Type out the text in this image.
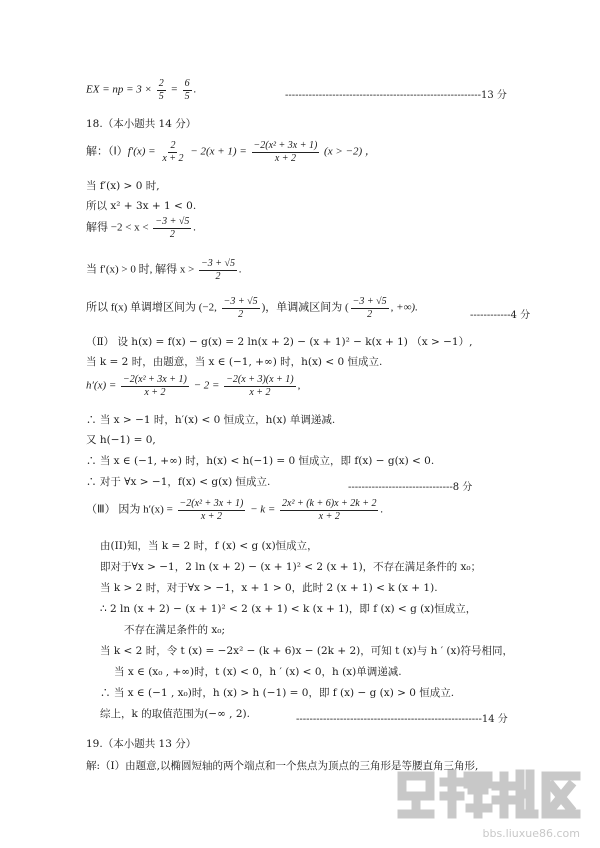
EX = np = $3 \times \frac{2}{5} = \frac{6}{5}$ .	----------------------------------------------------------13 分
18.（本小题共 14 分）
解：（Ⅰ）f′(x) = $\frac{2}{x + 2} - 2(x + 1) = \frac{\text{−2(x² + 3x + 1)}}{x + 2} (x > -2)$ ，
当 f′(x) > 0 时,
所以 x² + 3x + 1 < 0.
解得 $-2 < x < \frac{-3 + √5}{2}$ .
当 f′(x) > 0 时, 解得 $x > \frac{-3 + √5}{2}$ .
所以 f(x) 单调增区间为 (−2, $\frac{-3 + √5}{2}$ )，单调减区间为 ( $\frac{-3 + √5}{2}$ , +∞).
------------4 分
（Ⅱ） 设 h(x) = f(x) − g(x) = 2 ln(x + 2) − (x + 1)² − k(x + 1) （x > −1）,
当 k = 2 时，由题意，当 x ∈ (−1, +∞) 时，h(x) < 0 恒成立.
$h'(x) = \frac{\text{−2(x² + 3x + 1)}}{x + 2} - 2 = \frac{-2(x + 3)(x + 1)}{x + 2}$ ,
∴ 当 x > −1 时，h′(x) < 0 恒成立，h(x) 单调递减.
又 h(−1) = 0,
∴ 当 x ∈ (−1, +∞) 时，h(x) < h(−1) = 0 恒成立，即 f(x) − g(x) < 0.
∴ 对于 ∀x > −1，f(x) < g(x) 恒成立.	-------------------------------8 分
（Ⅲ） 因为 $h'(x) = \frac{\text{−2(x² + 3x + 1)}}{x + 2} - k = \frac{\text{2x² + (k + 6)x + 2k + 2}}{x + 2}$ .
由(II)知，当 k = 2 时，f (x) < g (x)恒成立，
即对于∀x > −1，2 ln (x + 2) − (x + 1)² < 2 (x + 1)，不存在满足条件的 x₀；
当 k > 2 时，对于∀x > −1，x + 1 > 0，此时 2 (x + 1) < k (x + 1).
∴ 2 ln (x + 2) − (x + 1)² < 2 (x + 1) < k (x + 1)，即 f (x) < g (x)恒成立，
不存在满足条件的 x₀;
当 k < 2 时，令 t (x) = −2x² − (k + 6)x − (2k + 2)，可知 t (x)与 h ′ (x)符号相同，
当 x ∈ (x₀ , +∞)时，t (x) < 0，h ′ (x) < 0，h (x)单调递减.
∴ 当 x ∈ (−1 , x₀)时，h (x) > h (−1) = 0，即 f (x) − g (x) > 0 恒成立.
综上，k 的取值范围为(−∞ , 2).	-------------------------------------------------------14 分
19.（本小题共 13 分）
解:（Ⅰ）由题意,以椭圆短轴的两个端点和一个焦点为顶点的三角形是等腰直角三角形,
bbs.liuxue86.com
